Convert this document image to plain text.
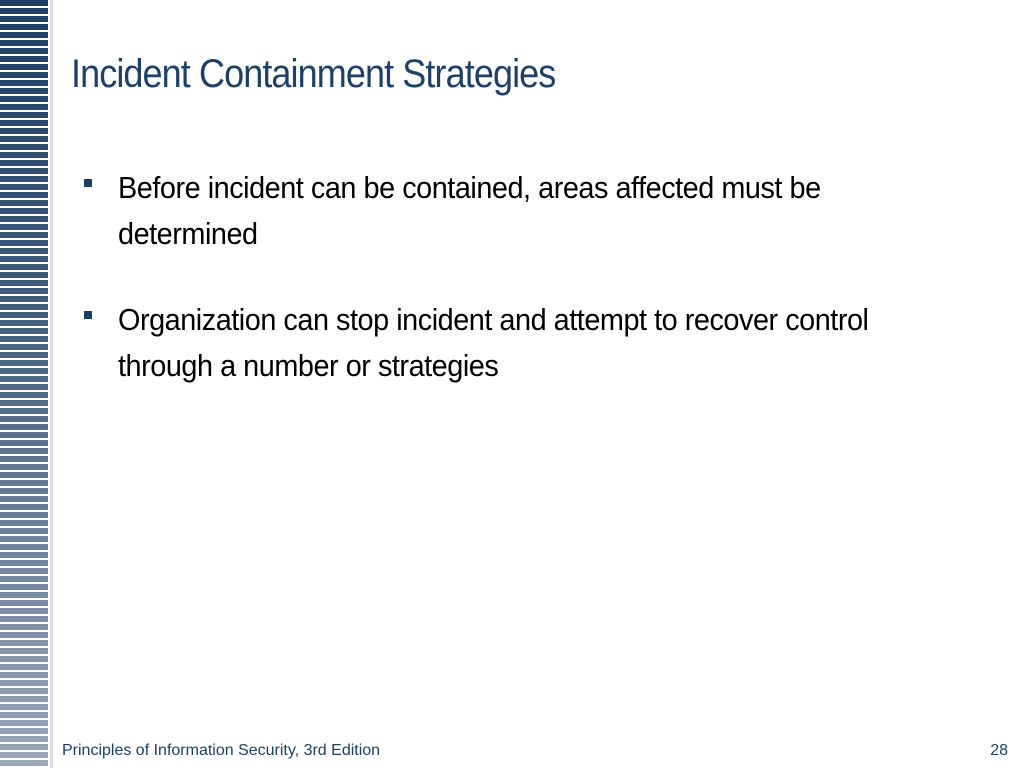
Incident Containment Strategies
Before incident can be contained, areas affected must be determined
Organization can stop incident and attempt to recover control through a number or strategies
Principles of Information Security, 3rd Edition	28
